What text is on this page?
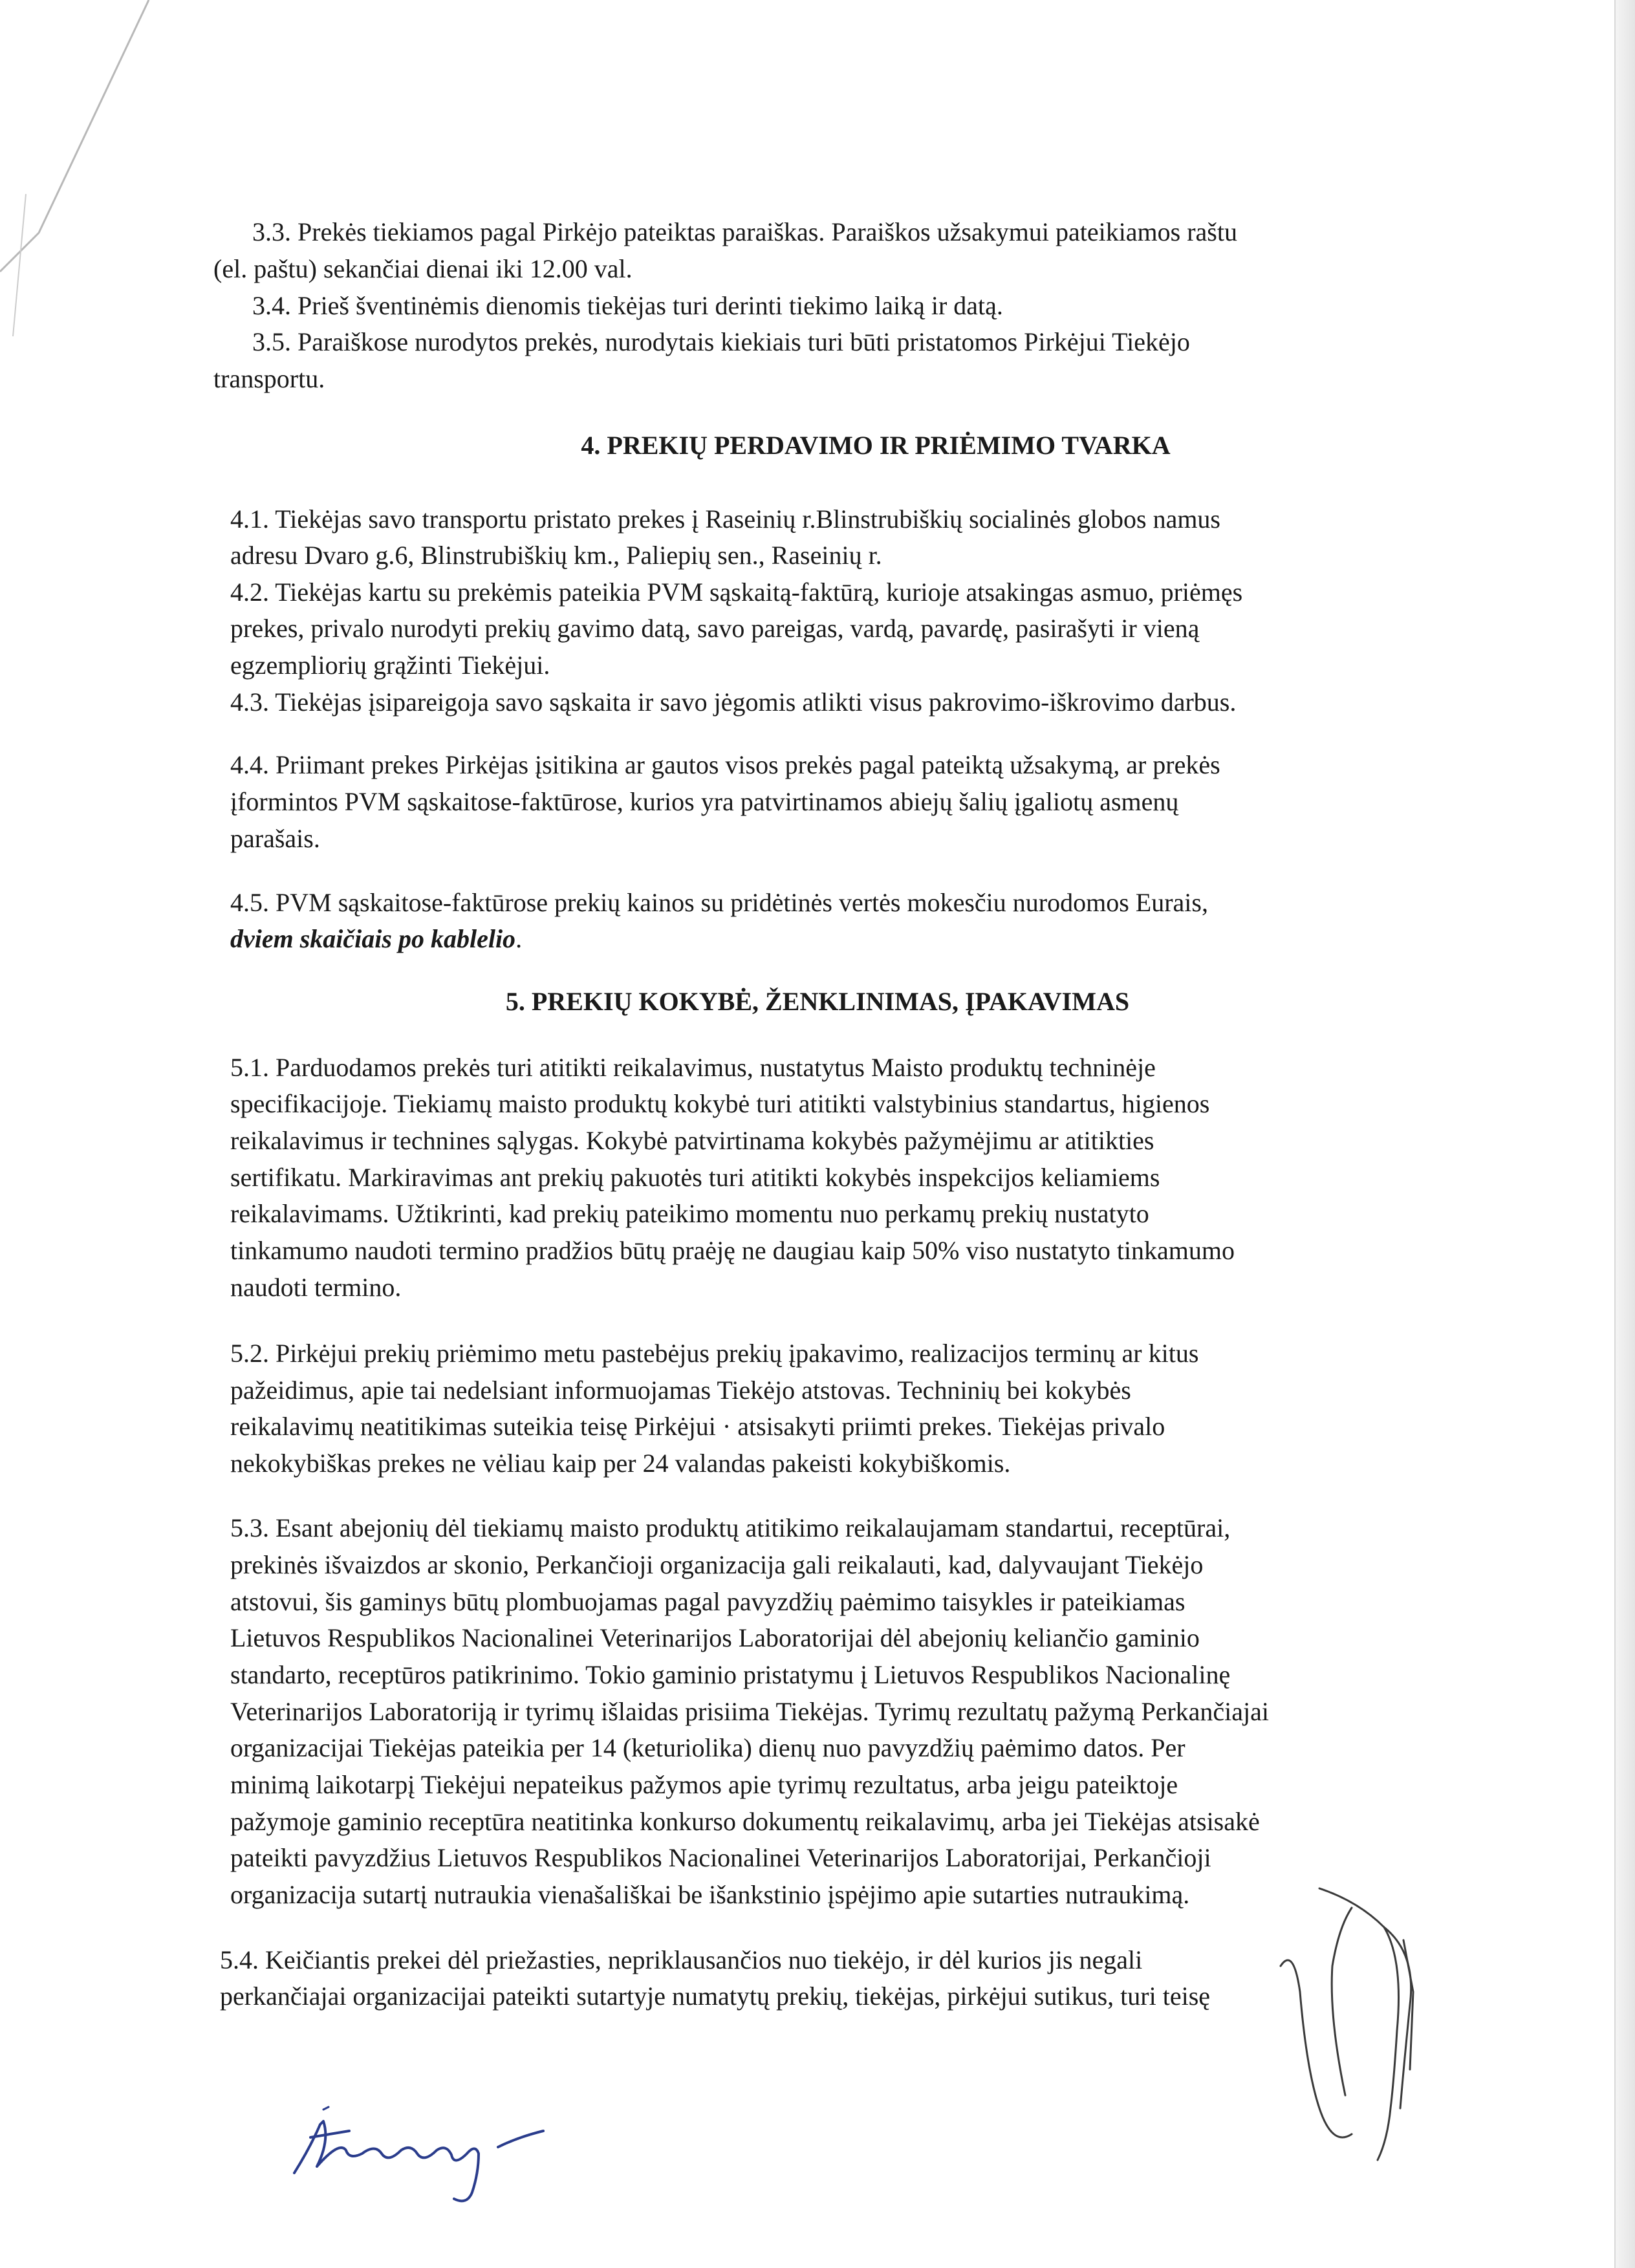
3.3. Prekės tiekiamos pagal Pirkėjo pateiktas paraiškas. Paraiškos užsakymui pateikiamos raštu
(el. paštu) sekančiai dienai iki 12.00 val.
3.4. Prieš šventinėmis dienomis tiekėjas turi derinti tiekimo laiką ir datą.
3.5. Paraiškose nurodytos prekės, nurodytais kiekiais turi būti pristatomos Pirkėjui Tiekėjo
transportu.
4. PREKIŲ PERDAVIMO IR PRIĖMIMO TVARKA
4.1. Tiekėjas savo transportu pristato prekes į Raseinių r.Blinstrubiškių socialinės globos namus
adresu Dvaro g.6, Blinstrubiškių km., Paliepių sen., Raseinių r.
4.2. Tiekėjas kartu su prekėmis pateikia PVM sąskaitą-faktūrą, kurioje atsakingas asmuo, priėmęs
prekes, privalo nurodyti prekių gavimo datą, savo pareigas, vardą, pavardę, pasirašyti ir vieną
egzempliorių grąžinti Tiekėjui.
4.3. Tiekėjas įsipareigoja savo sąskaita ir savo jėgomis atlikti visus pakrovimo-iškrovimo darbus.
4.4. Priimant prekes Pirkėjas įsitikina ar gautos visos prekės pagal pateiktą užsakymą, ar prekės
įformintos PVM sąskaitose-faktūrose, kurios yra patvirtinamos abiejų šalių įgaliotų asmenų
parašais.
4.5. PVM sąskaitose-faktūrose prekių kainos su pridėtinės vertės mokesčiu nurodomos Eurais,
dviem skaičiais po kablelio.
5. PREKIŲ KOKYBĖ, ŽENKLINIMAS, ĮPAKAVIMAS
5.1. Parduodamos prekės turi atitikti reikalavimus, nustatytus Maisto produktų techninėje
specifikacijoje. Tiekiamų maisto produktų kokybė turi atitikti valstybinius standartus, higienos
reikalavimus ir technines sąlygas. Kokybė patvirtinama kokybės pažymėjimu ar atitikties
sertifikatu. Markiravimas ant prekių pakuotės turi atitikti kokybės inspekcijos keliamiems
reikalavimams. Užtikrinti, kad prekių pateikimo momentu nuo perkamų prekių nustatyto
tinkamumo naudoti termino pradžios būtų praėję ne daugiau kaip 50% viso nustatyto tinkamumo
naudoti termino.
5.2. Pirkėjui prekių priėmimo metu pastebėjus prekių įpakavimo, realizacijos terminų ar kitus
pažeidimus, apie tai nedelsiant informuojamas Tiekėjo atstovas. Techninių bei kokybės
reikalavimų neatitikimas suteikia teisę Pirkėjui · atsisakyti priimti prekes. Tiekėjas privalo
nekokybiškas prekes ne vėliau kaip per 24 valandas pakeisti kokybiškomis.
5.3. Esant abejonių dėl tiekiamų maisto produktų atitikimo reikalaujamam standartui, receptūrai,
prekinės išvaizdos ar skonio, Perkančioji organizacija gali reikalauti, kad, dalyvaujant Tiekėjo
atstovui, šis gaminys būtų plombuojamas pagal pavyzdžių paėmimo taisykles ir pateikiamas
Lietuvos Respublikos Nacionalinei Veterinarijos Laboratorijai dėl abejonių keliančio gaminio
standarto, receptūros patikrinimo. Tokio gaminio pristatymu į Lietuvos Respublikos Nacionalinę
Veterinarijos Laboratoriją ir tyrimų išlaidas prisiima Tiekėjas. Tyrimų rezultatų pažymą Perkančiajai
organizacijai Tiekėjas pateikia per 14 (keturiolika) dienų nuo pavyzdžių paėmimo datos. Per
minimą laikotarpį Tiekėjui nepateikus pažymos apie tyrimų rezultatus, arba jeigu pateiktoje
pažymoje gaminio receptūra neatitinka konkurso dokumentų reikalavimų, arba jei Tiekėjas atsisakė
pateikti pavyzdžius Lietuvos Respublikos Nacionalinei Veterinarijos Laboratorijai, Perkančioji
organizacija sutartį nutraukia vienašališkai be išankstinio įspėjimo apie sutarties nutraukimą.
5.4. Keičiantis prekei dėl priežasties, nepriklausančios nuo tiekėjo, ir dėl kurios jis negali
perkančiajai organizacijai pateikti sutartyje numatytų prekių, tiekėjas, pirkėjui sutikus, turi teisę
